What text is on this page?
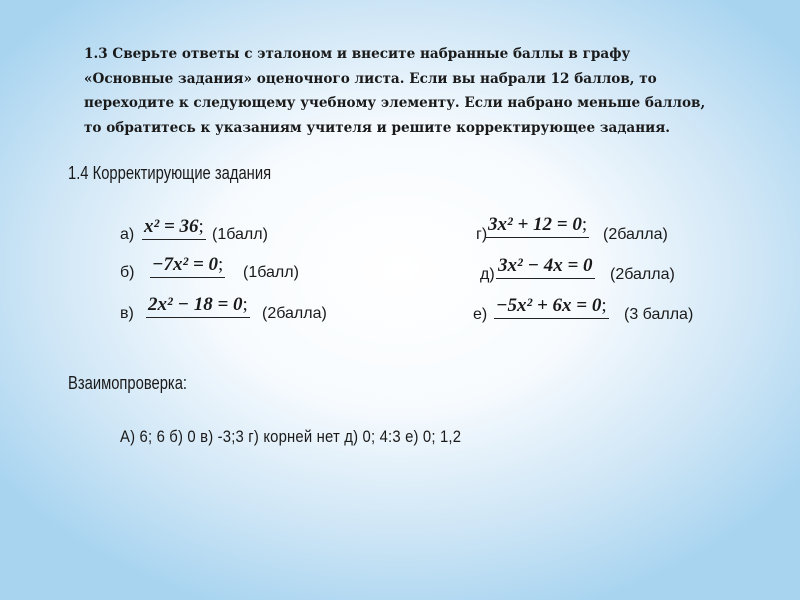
1.3 Сверьте ответы с эталоном и внесите набранные баллы в графу «Основные задания» оценочного листа. Если вы набрали 12 баллов, то переходите к следующему учебному элементу. Если набрано меньше баллов, то обратитесь к указаниям учителя и решите корректирующее задания.
1.4 Корректирующие задания
а) x² = 36; (1балл)
б) −7x² = 0; (1балл)
в) 2x² − 18 = 0; (2балла)
г) 3x² + 12 = 0; (2балла)
д) 3x² − 4x = 0 (2балла)
е) −5x² + 6x = 0; (3 балла)
Взаимопроверка:
А) 6; 6 б) 0 в) -3;3 г) корней нет д) 0; 4:3 е) 0; 1,2
